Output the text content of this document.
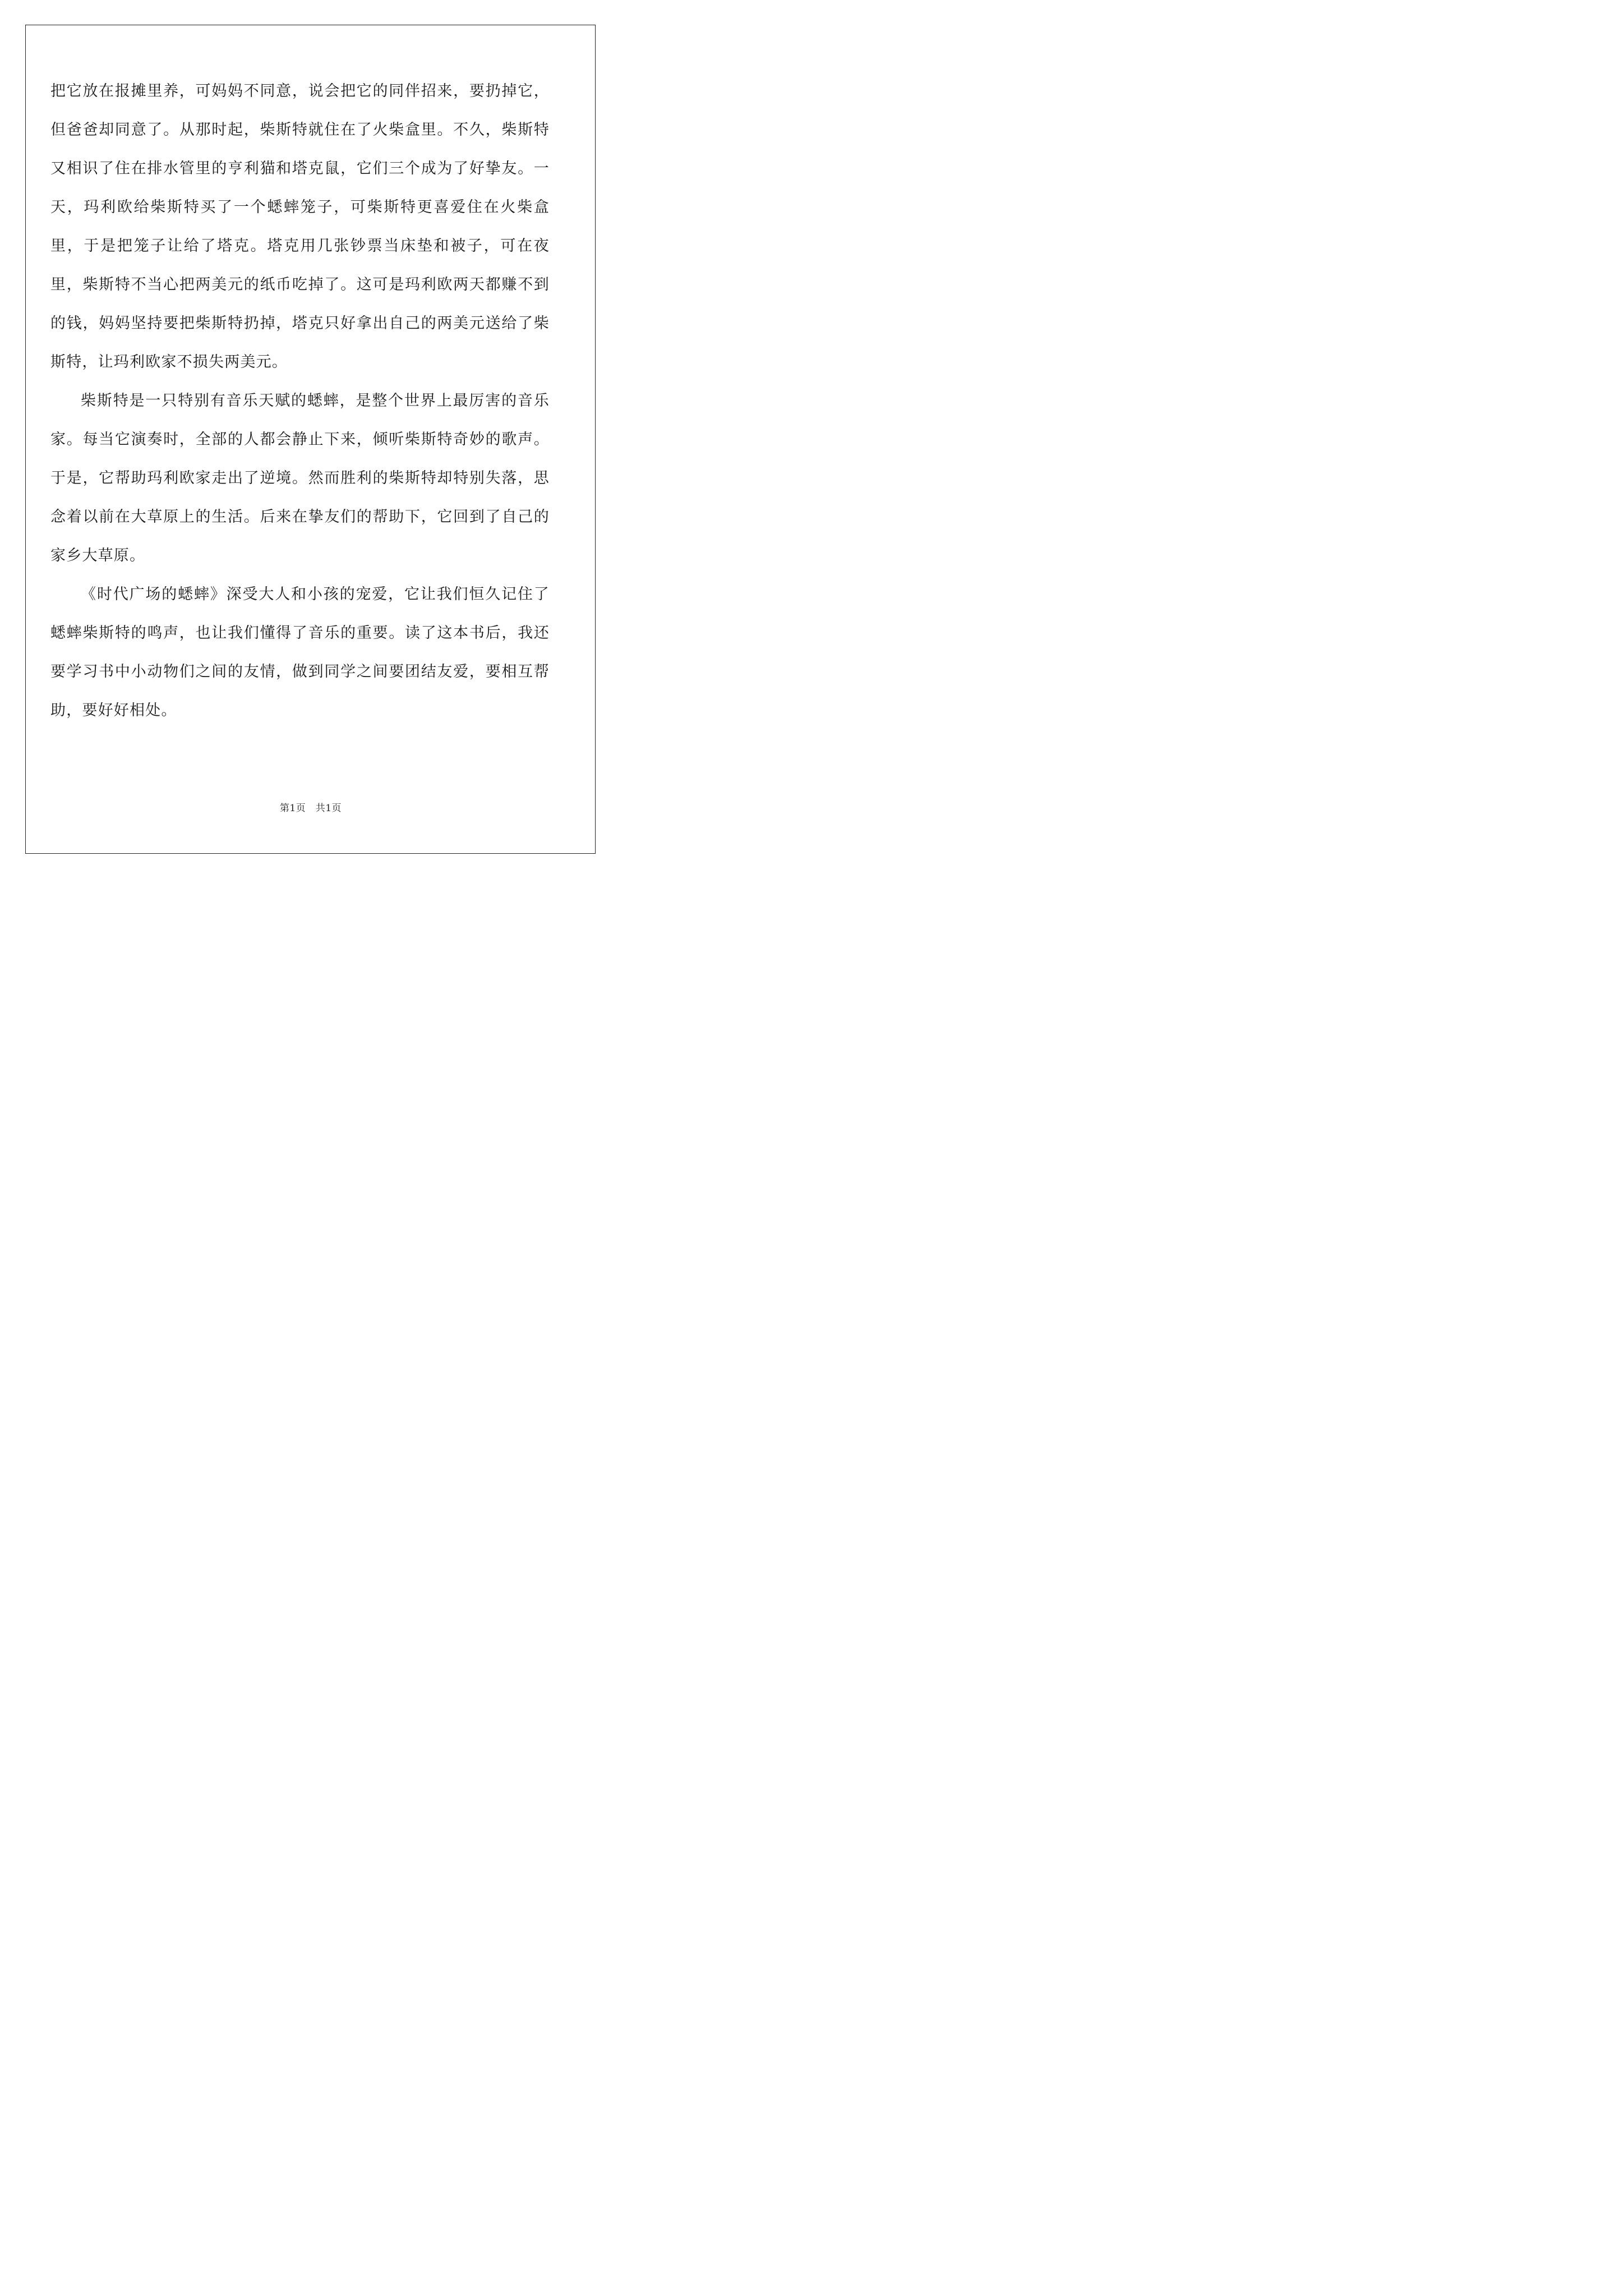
把它放在报摊里养，可妈妈不同意，说会把它的同伴招来，要扔掉它，但爸爸却同意了。从那时起，柴斯特就住在了火柴盒里。不久，柴斯特又相识了住在排水管里的亨利猫和塔克鼠，它们三个成为了好挚友。一天，玛利欧给柴斯特买了一个蟋蟀笼子，可柴斯特更喜爱住在火柴盒里，于是把笼子让给了塔克。塔克用几张钞票当床垫和被子，可在夜里，柴斯特不当心把两美元的纸币吃掉了。这可是玛利欧两天都赚不到的钱，妈妈坚持要把柴斯特扔掉，塔克只好拿出自己的两美元送给了柴斯特，让玛利欧家不损失两美元。

柴斯特是一只特别有音乐天赋的蟋蟀，是整个世界上最厉害的音乐家。每当它演奏时，全部的人都会静止下来，倾听柴斯特奇妙的歌声。于是，它帮助玛利欧家走出了逆境。然而胜利的柴斯特却特别失落，思念着以前在大草原上的生活。后来在挚友们的帮助下，它回到了自己的家乡大草原。

《时代广场的蟋蟀》深受大人和小孩的宠爱，它让我们恒久记住了蟋蟀柴斯特的鸣声，也让我们懂得了音乐的重要。读了这本书后，我还要学习书中小动物们之间的友情，做到同学之间要团结友爱，要相互帮助，要好好相处。

第1页　共1页
